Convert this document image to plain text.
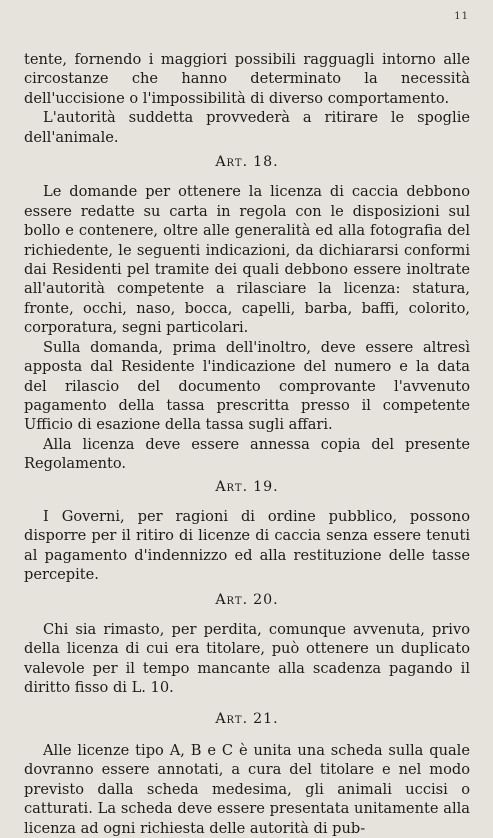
11

tente, fornendo i maggiori possibili ragguagli intorno alle circostanze che hanno determinato la necessità dell'uccisione o l'impossibilità di diverso comportamento.

L'autorità suddetta provvederà a ritirare le spoglie dell'animale.

Art. 18.

Le domande per ottenere la licenza di caccia debbono essere redatte su carta in regola con le disposizioni sul bollo e contenere, oltre alle generalità ed alla fotografia del richiedente, le seguenti indicazioni, da dichiararsi conformi dai Residenti pel tramite dei quali debbono essere inoltrate all'autorità competente a rilasciare la licenza: statura, fronte, occhi, naso, bocca, capelli, barba, baffi, colorito, corporatura, segni particolari.

Sulla domanda, prima dell'inoltro, deve essere altresì apposta dal Residente l'indicazione del numero e la data del rilascio del documento comprovante l'avvenuto pagamento della tassa prescritta presso il competente Ufficio di esazione della tassa sugli affari.

Alla licenza deve essere annessa copia del presente Regolamento.

Art. 19.

I Governi, per ragioni di ordine pubblico, possono disporre per il ritiro di licenze di caccia senza essere tenuti al pagamento d'indennizzo ed alla restituzione delle tasse percepite.

Art. 20.

Chi sia rimasto, per perdita, comunque avvenuta, privo della licenza di cui era titolare, può ottenere un duplicato valevole per il tempo mancante alla scadenza pagando il diritto fisso di L. 10.

Art. 21.

Alle licenze tipo A, B e C è unita una scheda sulla quale dovranno essere annotati, a cura del titolare e nel modo previsto dalla scheda medesima, gli animali uccisi o catturati. La scheda deve essere presentata unitamente alla licenza ad ogni richiesta delle autorità di pub-
